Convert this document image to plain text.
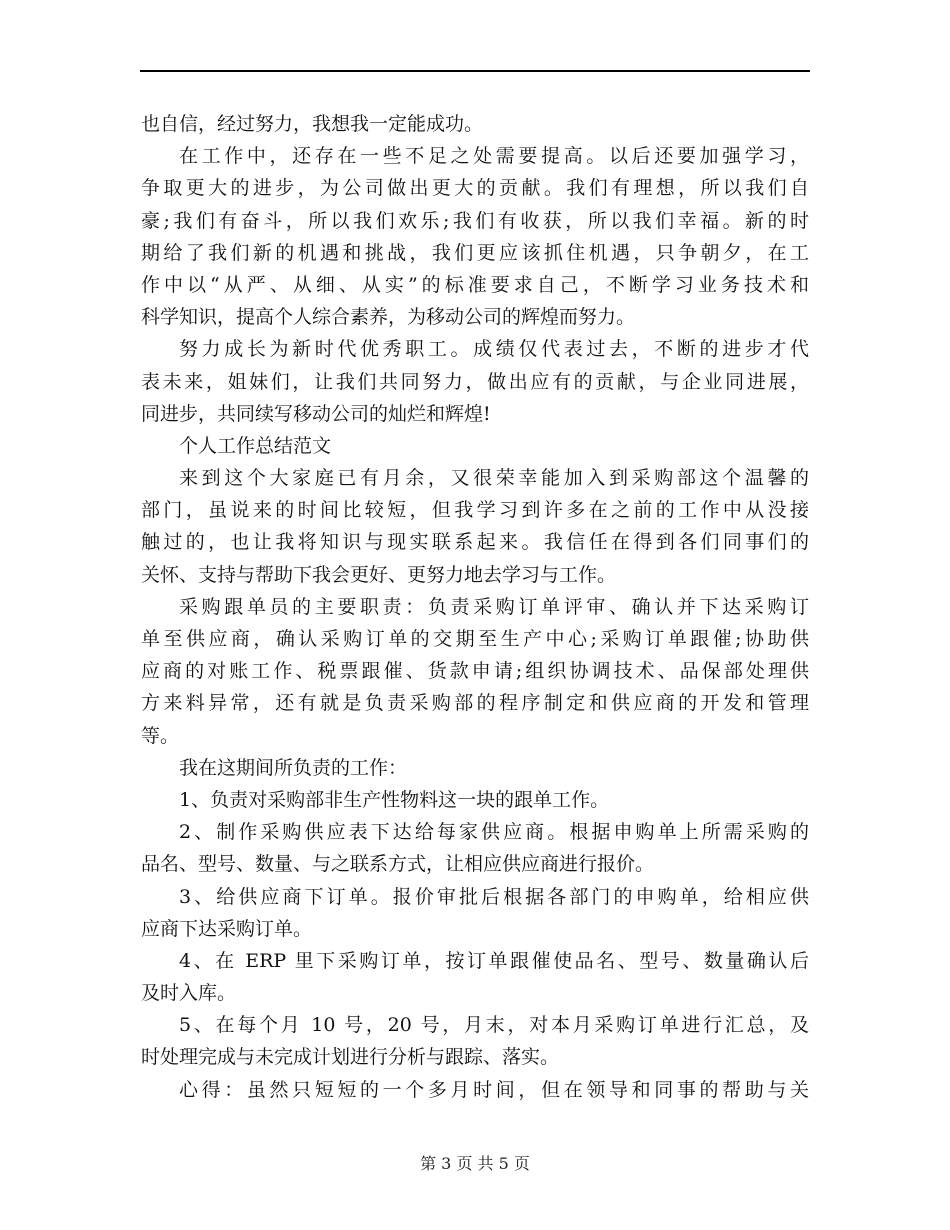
也自信，经过努力，我想我一定能成功。
在工作中，还存在一些不足之处需要提高。以后还要加强学习，
争取更大的进步，为公司做出更大的贡献。我们有理想，所以我们自
豪;我们有奋斗，所以我们欢乐;我们有收获，所以我们幸福。新的时
期给了我们新的机遇和挑战，我们更应该抓住机遇，只争朝夕，在工
作中以“从严、从细、从实”的标准要求自己，不断学习业务技术和
科学知识，提高个人综合素养，为移动公司的辉煌而努力。
努力成长为新时代优秀职工。成绩仅代表过去，不断的进步才代
表未来，姐妹们，让我们共同努力，做出应有的贡献，与企业同进展，
同进步，共同续写移动公司的灿烂和辉煌!
个人工作总结范文
来到这个大家庭已有月余，又很荣幸能加入到采购部这个温馨的
部门，虽说来的时间比较短，但我学习到许多在之前的工作中从没接
触过的，也让我将知识与现实联系起来。我信任在得到各们同事们的
关怀、支持与帮助下我会更好、更努力地去学习与工作。
采购跟单员的主要职责：负责采购订单评审、确认并下达采购订
单至供应商，确认采购订单的交期至生产中心;采购订单跟催;协助供
应商的对账工作、税票跟催、货款申请;组织协调技术、品保部处理供
方来料异常，还有就是负责采购部的程序制定和供应商的开发和管理
等。
我在这期间所负责的工作：
1、负责对采购部非生产性物料这一块的跟单工作。
2、制作采购供应表下达给每家供应商。根据申购单上所需采购的
品名、型号、数量、与之联系方式，让相应供应商进行报价。
3、给供应商下订单。报价审批后根据各部门的申购单，给相应供
应商下达采购订单。
4、在 ERP 里下采购订单，按订单跟催使品名、型号、数量确认后
及时入库。
5、在每个月 10 号，20 号，月末，对本月采购订单进行汇总，及
时处理完成与未完成计划进行分析与跟踪、落实。
心得：虽然只短短的一个多月时间，但在领导和同事的帮助与关
第 3 页 共 5 页
